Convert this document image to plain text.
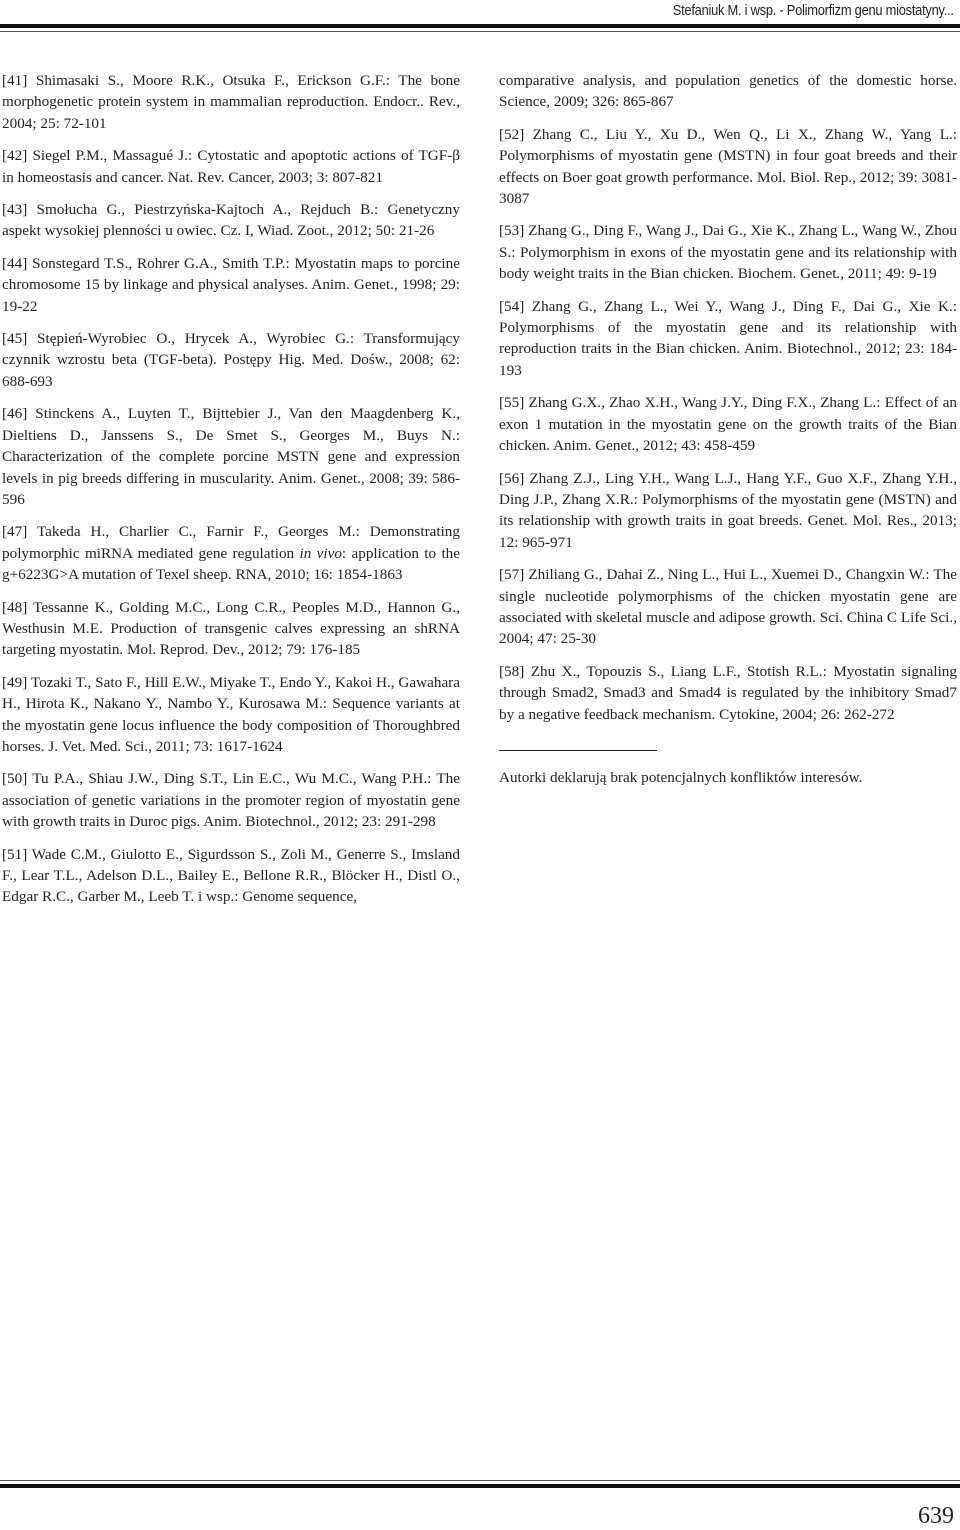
Stefaniuk M. i wsp. - Polimorfizm genu miostatyny...
[41] Shimasaki S., Moore R.K., Otsuka F., Erickson G.F.: The bone morphogenetic protein system in mammalian reproduction. Endocr.. Rev., 2004; 25: 72-101
[42] Siegel P.M., Massagué J.: Cytostatic and apoptotic actions of TGF-β in homeostasis and cancer. Nat. Rev. Cancer, 2003; 3: 807-821
[43] Smołucha G., Piestrzyńska-Kajtoch A., Rejduch B.: Genetyczny aspekt wysokiej plenności u owiec. Cz. I, Wiad. Zoot., 2012; 50: 21-26
[44] Sonstegard T.S., Rohrer G.A., Smith T.P.: Myostatin maps to porcine chromosome 15 by linkage and physical analyses. Anim. Genet., 1998; 29: 19-22
[45] Stępień-Wyrobiec O., Hrycek A., Wyrobiec G.: Transformujący czynnik wzrostu beta (TGF-beta). Postępy Hig. Med. Dośw., 2008; 62: 688-693
[46] Stinckens A., Luyten T., Bijttebier J., Van den Maagdenberg K., Dieltiens D., Janssens S., De Smet S., Georges M., Buys N.: Characterization of the complete porcine MSTN gene and expression levels in pig breeds differing in muscularity. Anim. Genet., 2008; 39: 586-596
[47] Takeda H., Charlier C., Farnir F., Georges M.: Demonstrating polymorphic miRNA mediated gene regulation in vivo: application to the g+6223G>A mutation of Texel sheep. RNA, 2010; 16: 1854-1863
[48] Tessanne K., Golding M.C., Long C.R., Peoples M.D., Hannon G., Westhusin M.E. Production of transgenic calves expressing an shRNA targeting myostatin. Mol. Reprod. Dev., 2012; 79: 176-185
[49] Tozaki T., Sato F., Hill E.W., Miyake T., Endo Y., Kakoi H., Gawahara H., Hirota K., Nakano Y., Nambo Y., Kurosawa M.: Sequence variants at the myostatin gene locus influence the body composition of Thoroughbred horses. J. Vet. Med. Sci., 2011; 73: 1617-1624
[50] Tu P.A., Shiau J.W., Ding S.T., Lin E.C., Wu M.C., Wang P.H.: The association of genetic variations in the promoter region of myostatin gene with growth traits in Duroc pigs. Anim. Biotechnol., 2012; 23: 291-298
[51] Wade C.M., Giulotto E., Sigurdsson S., Zoli M., Generre S., Imsland F., Lear T.L., Adelson D.L., Bailey E., Bellone R.R., Blöcker H., Distl O., Edgar R.C., Garber M., Leeb T. i wsp.: Genome sequence,
comparative analysis, and population genetics of the domestic horse. Science, 2009; 326: 865-867
[52] Zhang C., Liu Y., Xu D., Wen Q., Li X., Zhang W., Yang L.: Polymorphisms of myostatin gene (MSTN) in four goat breeds and their effects on Boer goat growth performance. Mol. Biol. Rep., 2012; 39: 3081-3087
[53] Zhang G., Ding F., Wang J., Dai G., Xie K., Zhang L., Wang W., Zhou S.: Polymorphism in exons of the myostatin gene and its relationship with body weight traits in the Bian chicken. Biochem. Genet., 2011; 49: 9-19
[54] Zhang G., Zhang L., Wei Y., Wang J., Ding F., Dai G., Xie K.: Polymorphisms of the myostatin gene and its relationship with reproduction traits in the Bian chicken. Anim. Biotechnol., 2012; 23: 184-193
[55] Zhang G.X., Zhao X.H., Wang J.Y., Ding F.X., Zhang L.: Effect of an exon 1 mutation in the myostatin gene on the growth traits of the Bian chicken. Anim. Genet., 2012; 43: 458-459
[56] Zhang Z.J., Ling Y.H., Wang L.J., Hang Y.F., Guo X.F., Zhang Y.H., Ding J.P., Zhang X.R.: Polymorphisms of the myostatin gene (MSTN) and its relationship with growth traits in goat breeds. Genet. Mol. Res., 2013; 12: 965-971
[57] Zhiliang G., Dahai Z., Ning L., Hui L., Xuemei D., Changxin W.: The single nucleotide polymorphisms of the chicken myostatin gene are associated with skeletal muscle and adipose growth. Sci. China C Life Sci., 2004; 47: 25-30
[58] Zhu X., Topouzis S., Liang L.F., Stotish R.L.: Myostatin signaling through Smad2, Smad3 and Smad4 is regulated by the inhibitory Smad7 by a negative feedback mechanism. Cytokine, 2004; 26: 262-272
Autorki deklarują brak potencjalnych konfliktów interesów.
639
